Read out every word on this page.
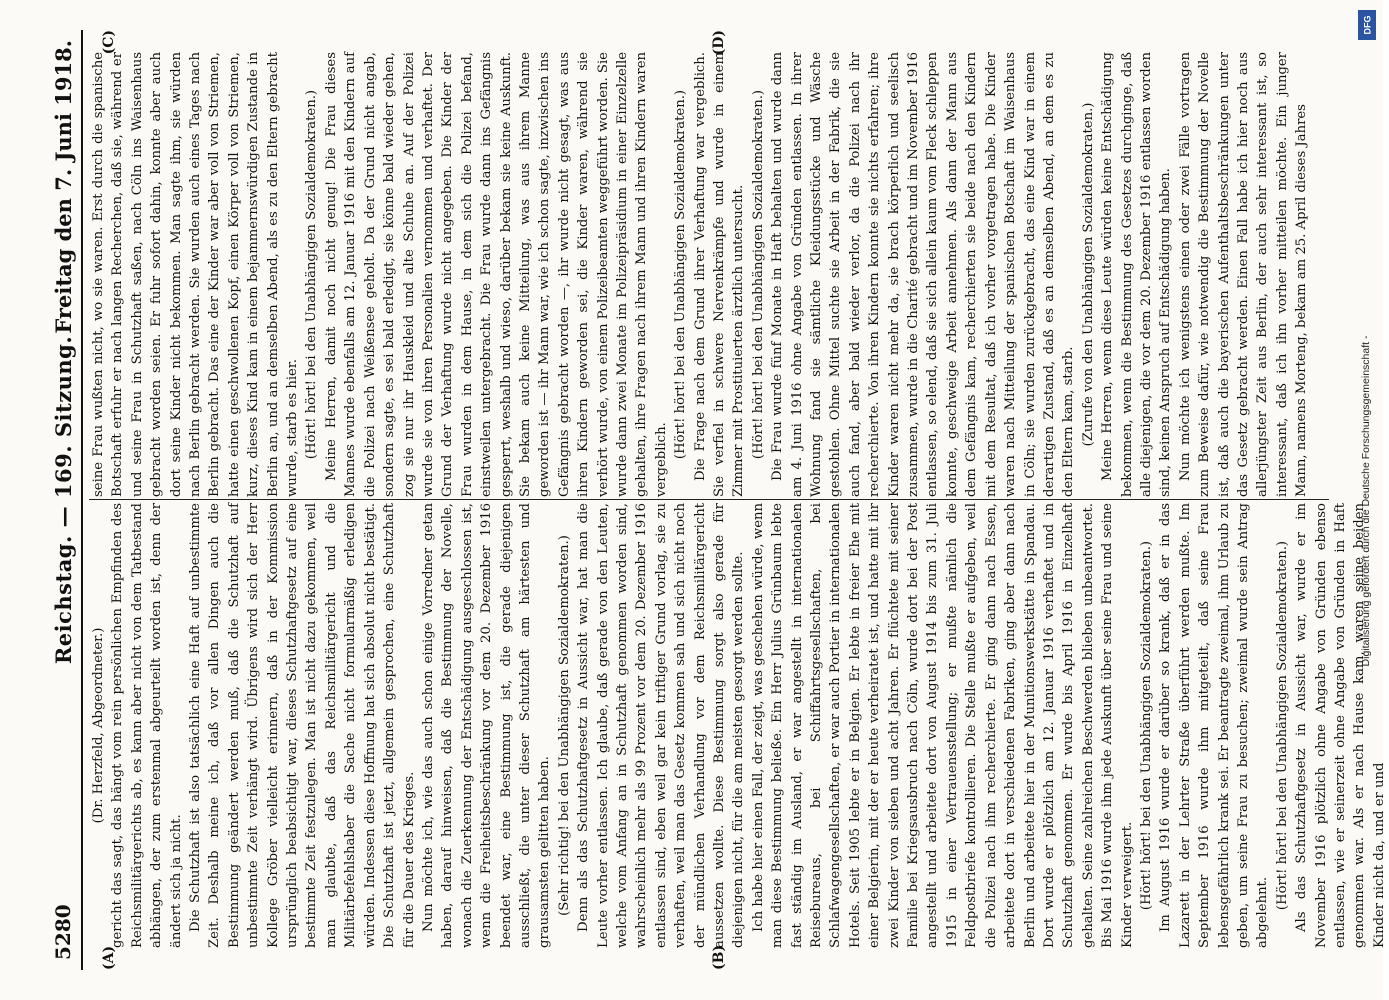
5280
Reichstag. — 169. Sitzung.
Freitag den 7. Juni 1918.
(A)	(B)
(C)	(D)

(Dr. Herzfeld, Abgeordneter.) gericht das sagt, das hängt vom rein persönlichen Empfinden des Reichsmilitärgerichts ab, es kann aber nicht von dem Tatbestand abhängen, der zum erstenmal abgeurteilt worden ist, denn der ändert sich ja nicht. Die Schutzhaft ist also tatsächlich eine Haft auf unbestimmte Zeit. Deshalb meine ich, daß vor allen Dingen auch die Bestimmung geändert werden muß, daß die Schutzhaft auf unbestimmte Zeit verhängt wird. Übrigens wird sich der Herr Kollege Gröber vielleicht erinnern, daß in der Kommission ursprünglich beabsichtigt war, dieses Schutzhaftgesetz auf eine bestimmte Zeit festzulegen. Man ist nicht dazu gekommen, weil man glaubte, daß das Reichsmilitärgericht und die Militärbefehlshaber die Sache nicht formularmäßig erledigen würden. Indessen diese Hoffnung hat sich absolut nicht bestätigt. Die Schutzhaft ist jetzt, allgemein gesprochen, eine Schutzhaft für die Dauer des Krieges. Nun möchte ich, wie das auch schon einige Vorredner getan haben, darauf hinweisen, daß die Bestimmung der Novelle, wonach die Zuerkennung der Entschädigung ausgeschlossen ist, wenn die Freiheitsbeschränkung vor dem 20. Dezember 1916 beendet war, eine Bestimmung ist, die gerade diejenigen ausschließt, die unter dieser Schutzhaft am härtesten und grausamsten gelitten haben. (Sehr richtig! bei den Unabhängigen Sozialdemokraten.) Denn als das Schutzhaftgesetz in Aussicht war, hat man die Leute vorher entlassen. Ich glaube, daß gerade von den Leuten, welche vom Anfang an in Schutzhaft genommen worden sind, wahrscheinlich mehr als 99 Prozent vor dem 20. Dezember 1916 entlassen sind, eben weil gar kein triftiger Grund vorlag, sie zu verhaften, weil man das Gesetz kommen sah und sich nicht noch der mündlichen Verhandlung vor dem Reichsmilitärgericht aussetzen wollte. Diese Bestimmung sorgt also gerade für diejenigen nicht, für die am meisten gesorgt werden sollte. Ich habe hier einen Fall, der zeigt, was geschehen würde, wenn man diese Bestimmung beließe. Ein Herr Julius Grünbaum lebte fast ständig im Ausland, er war angestellt in internationalen Reisebureaus, bei Schiffahrtsgesellschaften, bei Schlafwagengesellschaften, er war auch Portier in internationalen Hotels. Seit 1905 lebte er in Belgien. Er lebte in freier Ehe mit einer Belgierin, mit der er heute verheiratet ist, und hatte mit ihr zwei Kinder von sieben und acht Jahren. Er flüchtete mit seiner Familie bei Kriegsausbruch nach Cöln, wurde dort bei der Post angestellt und arbeitete dort von August 1914 bis zum 31. Juli 1915 in einer Vertrauensstellung; er mußte nämlich die Feldpostbriefe kontrollieren. Die Stelle mußte er aufgeben, weil die Polizei nach ihm recherchierte. Er ging dann nach Essen, arbeitete dort in verschiedenen Fabriken, ging aber dann nach Berlin und arbeitete hier in der Munitionswerkstätte in Spandau. Dort wurde er plötzlich am 12. Januar 1916 verhaftet und in Schutzhaft genommen. Er wurde bis April 1916 in Einzelhaft gehalten. Seine zahlreichen Beschwerden blieben unbeantwortet. Bis Mai 1916 wurde ihm jede Auskunft über seine Frau und seine Kinder verweigert. (Hört! hört! bei den Unabhängigen Sozialdemokraten.) Im August 1916 wurde er darüber so krank, daß er in das Lazarett in der Lehrter Straße überführt werden mußte. Im September 1916 wurde ihm mitgeteilt, daß seine Frau lebensgefährlich krank sei. Er beantragte zweimal, ihm Urlaub zu geben, um seine Frau zu besuchen; zweimal wurde sein Antrag abgelehnt.

(Hört! hört! bei den Unabhängigen Sozialdemokraten.) Als das Schutzhaftgesetz in Aussicht war, wurde er im November 1916 plötzlich ohne Angabe von Gründen ebenso entlassen, wie er seinerzeit ohne Angabe von Gründen in Haft genommen war. Als er nach Hause kam, waren seine beiden Kinder nicht da, und er und

seine Frau wußten nicht, wo sie waren. Erst durch die spanische Botschaft erfuhr er nach langen Recherchen, daß sie, während er und seine Frau in Schutzhaft saßen, nach Cöln ins Waisenhaus gebracht worden seien. Er fuhr sofort dahin, konnte aber auch dort seine Kinder nicht bekommen. Man sagte ihm, sie würden nach Berlin gebracht werden. Sie wurden auch eines Tages nach Berlin gebracht. Das eine der Kinder war aber voll von Striemen, hatte einen geschwollenen Kopf, einen Körper voll von Striemen, kurz, dieses Kind kam in einem bejammernswürdigen Zustande in Berlin an, und an demselben Abend, als es zu den Eltern gebracht wurde, starb es hier. (Hört! hört! bei den Unabhängigen Sozialdemokraten.) Meine Herren, damit noch nicht genug! Die Frau dieses Mannes wurde ebenfalls am 12. Januar 1916 mit den Kindern auf die Polizei nach Weißensee geholt. Da der Grund nicht angab, sondern sagte, es sei bald erledigt, sie könne bald wieder gehen, zog sie nur ihr Hauskleid und alte Schuhe an. Auf der Polizei wurde sie von ihren Personalien vernommen und verhaftet. Der Grund der Verhaftung wurde nicht angegeben. Die Kinder der Frau wurden in dem Hause, in dem sich die Polizei befand, einstweilen untergebracht. Die Frau wurde dann ins Gefängnis gesperrt, weshalb und wieso, darüber bekam sie keine Auskunft. Sie bekam auch keine Mitteilung, was aus ihrem Manne geworden ist — ihr Mann war, wie ich schon sagte, inzwischen ins Gefängnis gebracht worden —, ihr wurde nicht gesagt, was aus ihren Kindern geworden sei, die Kinder waren, während sie verhört wurde, von einem Polizeibeamten weggeführt worden. Sie wurde dann zwei Monate im Polizeipräsidium in einer Einzelzelle gehalten, ihre Fragen nach ihrem Mann und ihren Kindern waren vergeblich.

(Hört! hört! bei den Unabhängigen Sozialdemokraten.) Die Frage nach dem Grund ihrer Verhaftung war vergeblich. Sie verfiel in schwere Nervenkrämpfe und wurde in einem Zimmer mit Prostituierten ärztlich untersucht. (Hört! hört! bei den Unabhängigen Sozialdemokraten.) Die Frau wurde fünf Monate in Haft behalten und wurde dann am 4. Juni 1916 ohne Angabe von Gründen entlassen. In ihrer Wohnung fand sie sämtliche Kleidungsstücke und Wäsche gestohlen. Ohne Mittel suchte sie Arbeit in der Fabrik, die sie auch fand, aber bald wieder verlor, da die Polizei nach ihr recherchierte. Von ihren Kindern konnte sie nichts erfahren; ihre Kinder waren nicht mehr da, sie brach körperlich und seelisch zusammen, wurde in die Charité gebracht und im November 1916 entlassen, so elend, daß sie sich allein kaum vom Fleck schleppen konnte, geschweige Arbeit annehmen. Als dann der Mann aus dem Gefängnis kam, recherchierten sie beide nach den Kindern mit dem Resultat, daß ich vorher vorgetragen habe. Die Kinder waren nach Mitteilung der spanischen Botschaft im Waisenhaus in Cöln; sie wurden zurückgebracht, das eine Kind war in einem derartigen Zustand, daß es an demselben Abend, an dem es zu den Eltern kam, starb. (Zurufe von den Unabhängigen Sozialdemokraten.) Meine Herren, wenn diese Leute würden keine Entschädigung bekommen, wenn die Bestimmung des Gesetzes durchginge, daß alle diejenigen, die vor dem 20. Dezember 1916 entlassen worden sind, keinen Anspruch auf Entschädigung haben. Nun möchte ich wenigstens einen oder zwei Fälle vortragen zum Beweise dafür, wie notwendig die Bestimmung der Novelle ist, daß auch die bayerischen Aufenthaltsbeschränkungen unter das Gesetz gebracht werden. Einen Fall habe ich hier noch aus allerjüngster Zeit aus Berlin, der auch sehr interessant ist, so interessant, daß ich ihn vorher mitteilen möchte. Ein junger Mann, namens Morteng, bekam am 25. April dieses Jahres

DFG
Digitalisierung gefördert durch die Deutsche Forschungsgemeinschaft -
